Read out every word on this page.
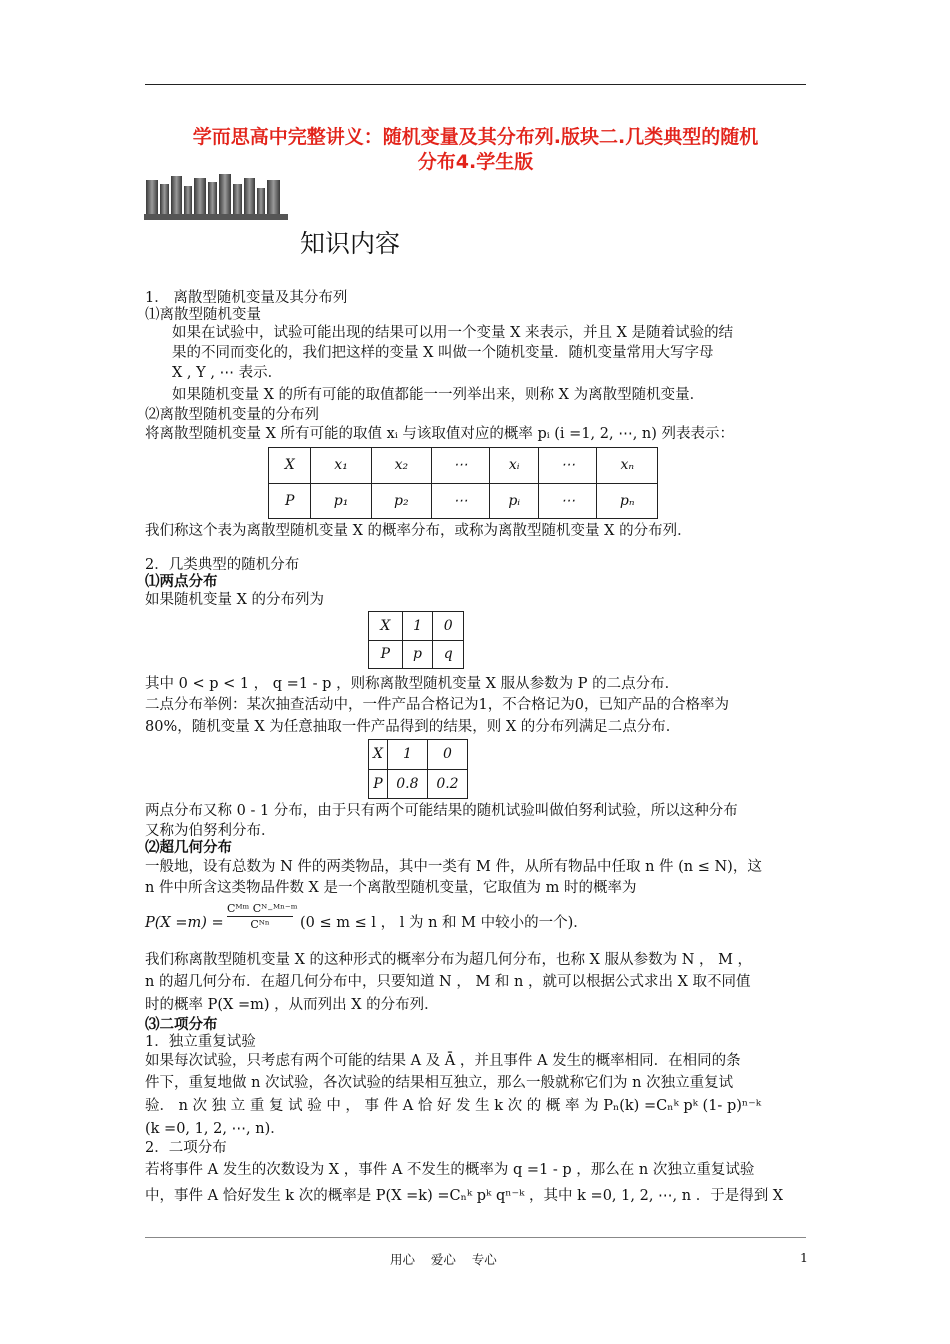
学而思高中完整讲义：随机变量及其分布列.版块二.几类典型的随机
分布4.学生版
知识内容
1． 离散型随机变量及其分布列
⑴离散型随机变量
如果在试验中，试验可能出现的结果可以用一个变量 X 来表示，并且 X 是随着试验的结
果的不同而变化的，我们把这样的变量 X 叫做一个随机变量．随机变量常用大写字母
X , Y , ⋯ 表示．
如果随机变量 X 的所有可能的取值都能一一列举出来，则称 X 为离散型随机变量．
⑵离散型随机变量的分布列
将离散型随机变量 X 所有可能的取值 xᵢ 与该取值对应的概率 pᵢ (i =1, 2, ⋯, n) 列表表示：
X	x₁	x₂	⋯	xᵢ	⋯	xₙ
P	p₁	p₂	⋯	pᵢ	⋯	pₙ
我们称这个表为离散型随机变量 X 的概率分布，或称为离散型随机变量 X 的分布列．
2．几类典型的随机分布
⑴两点分布
如果随机变量 X 的分布列为
X	1	0
P	p	q
其中 0 < p < 1 ， q =1 - p ，则称离散型随机变量 X 服从参数为 P 的二点分布．
二点分布举例：某次抽查活动中，一件产品合格记为1，不合格记为0，已知产品的合格率为
80%，随机变量 X 为任意抽取一件产品得到的结果，则 X 的分布列满足二点分布．
X	1	0
P	0.8	0.2
两点分布又称 0 - 1 分布，由于只有两个可能结果的随机试验叫做伯努利试验，所以这种分布
又称为伯努利分布．
⑵超几何分布
一般地，设有总数为 N 件的两类物品，其中一类有 M 件，从所有物品中任取 n 件 (n ≤ N)，这
n 件中所含这类物品件数 X 是一个离散型随机变量，它取值为 m 时的概率为
P(X =m) =
Cᴹᵐ Cᴺ₋ᴹⁿ⁻ᵐ
Cᴺⁿ	(0 ≤ m ≤ l ， l 为 n 和 M 中较小的一个)．
我们称离散型随机变量 X 的这种形式的概率分布为超几何分布，也称 X 服从参数为 N ， M ，
n 的超几何分布．在超几何分布中，只要知道 N ， M 和 n ，就可以根据公式求出 X 取不同值
时的概率 P(X =m) ，从而列出 X 的分布列．
⑶二项分布
1．独立重复试验
如果每次试验，只考虑有两个可能的结果 A 及 Ā ，并且事件 A 发生的概率相同．在相同的条
件下，重复地做 n 次试验，各次试验的结果相互独立，那么一般就称它们为 n 次独立重复试
验． n 次 独 立 重 复 试 验 中 ， 事 件 A 恰 好 发 生 k 次 的 概 率 为 Pₙ(k) =Cₙᵏ pᵏ (1- p)ⁿ⁻ᵏ
(k =0, 1, 2, ⋯, n)．
2．二项分布
若将事件 A 发生的次数设为 X ，事件 A 不发生的概率为 q =1 - p ，那么在 n 次独立重复试验
中，事件 A 恰好发生 k 次的概率是 P(X =k) =Cₙᵏ pᵏ qⁿ⁻ᵏ ，其中 k =0, 1, 2, ⋯, n ．于是得到 X
用心    爱心    专心	1
